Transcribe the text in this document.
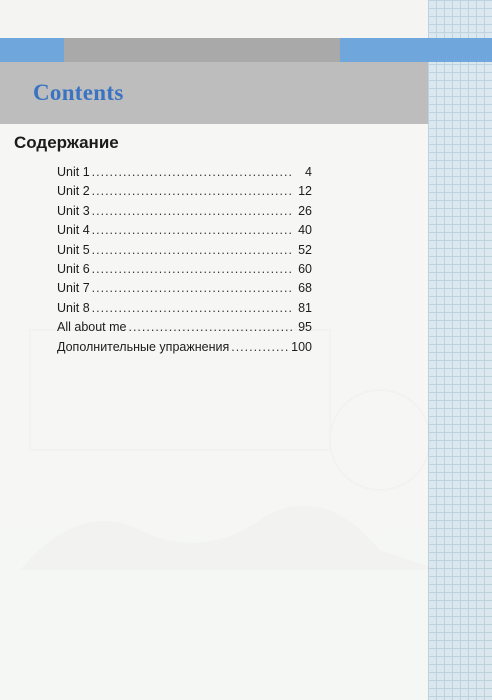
Contents
Содержание
Unit 1 .....	4
Unit 2 .....	12
Unit 3 .....	26
Unit 4 .....	40
Unit 5 .....	52
Unit 6 .....	60
Unit 7 .....	68
Unit 8 .....	81
All about me .....	95
Дополнительные упражнения .....	100
